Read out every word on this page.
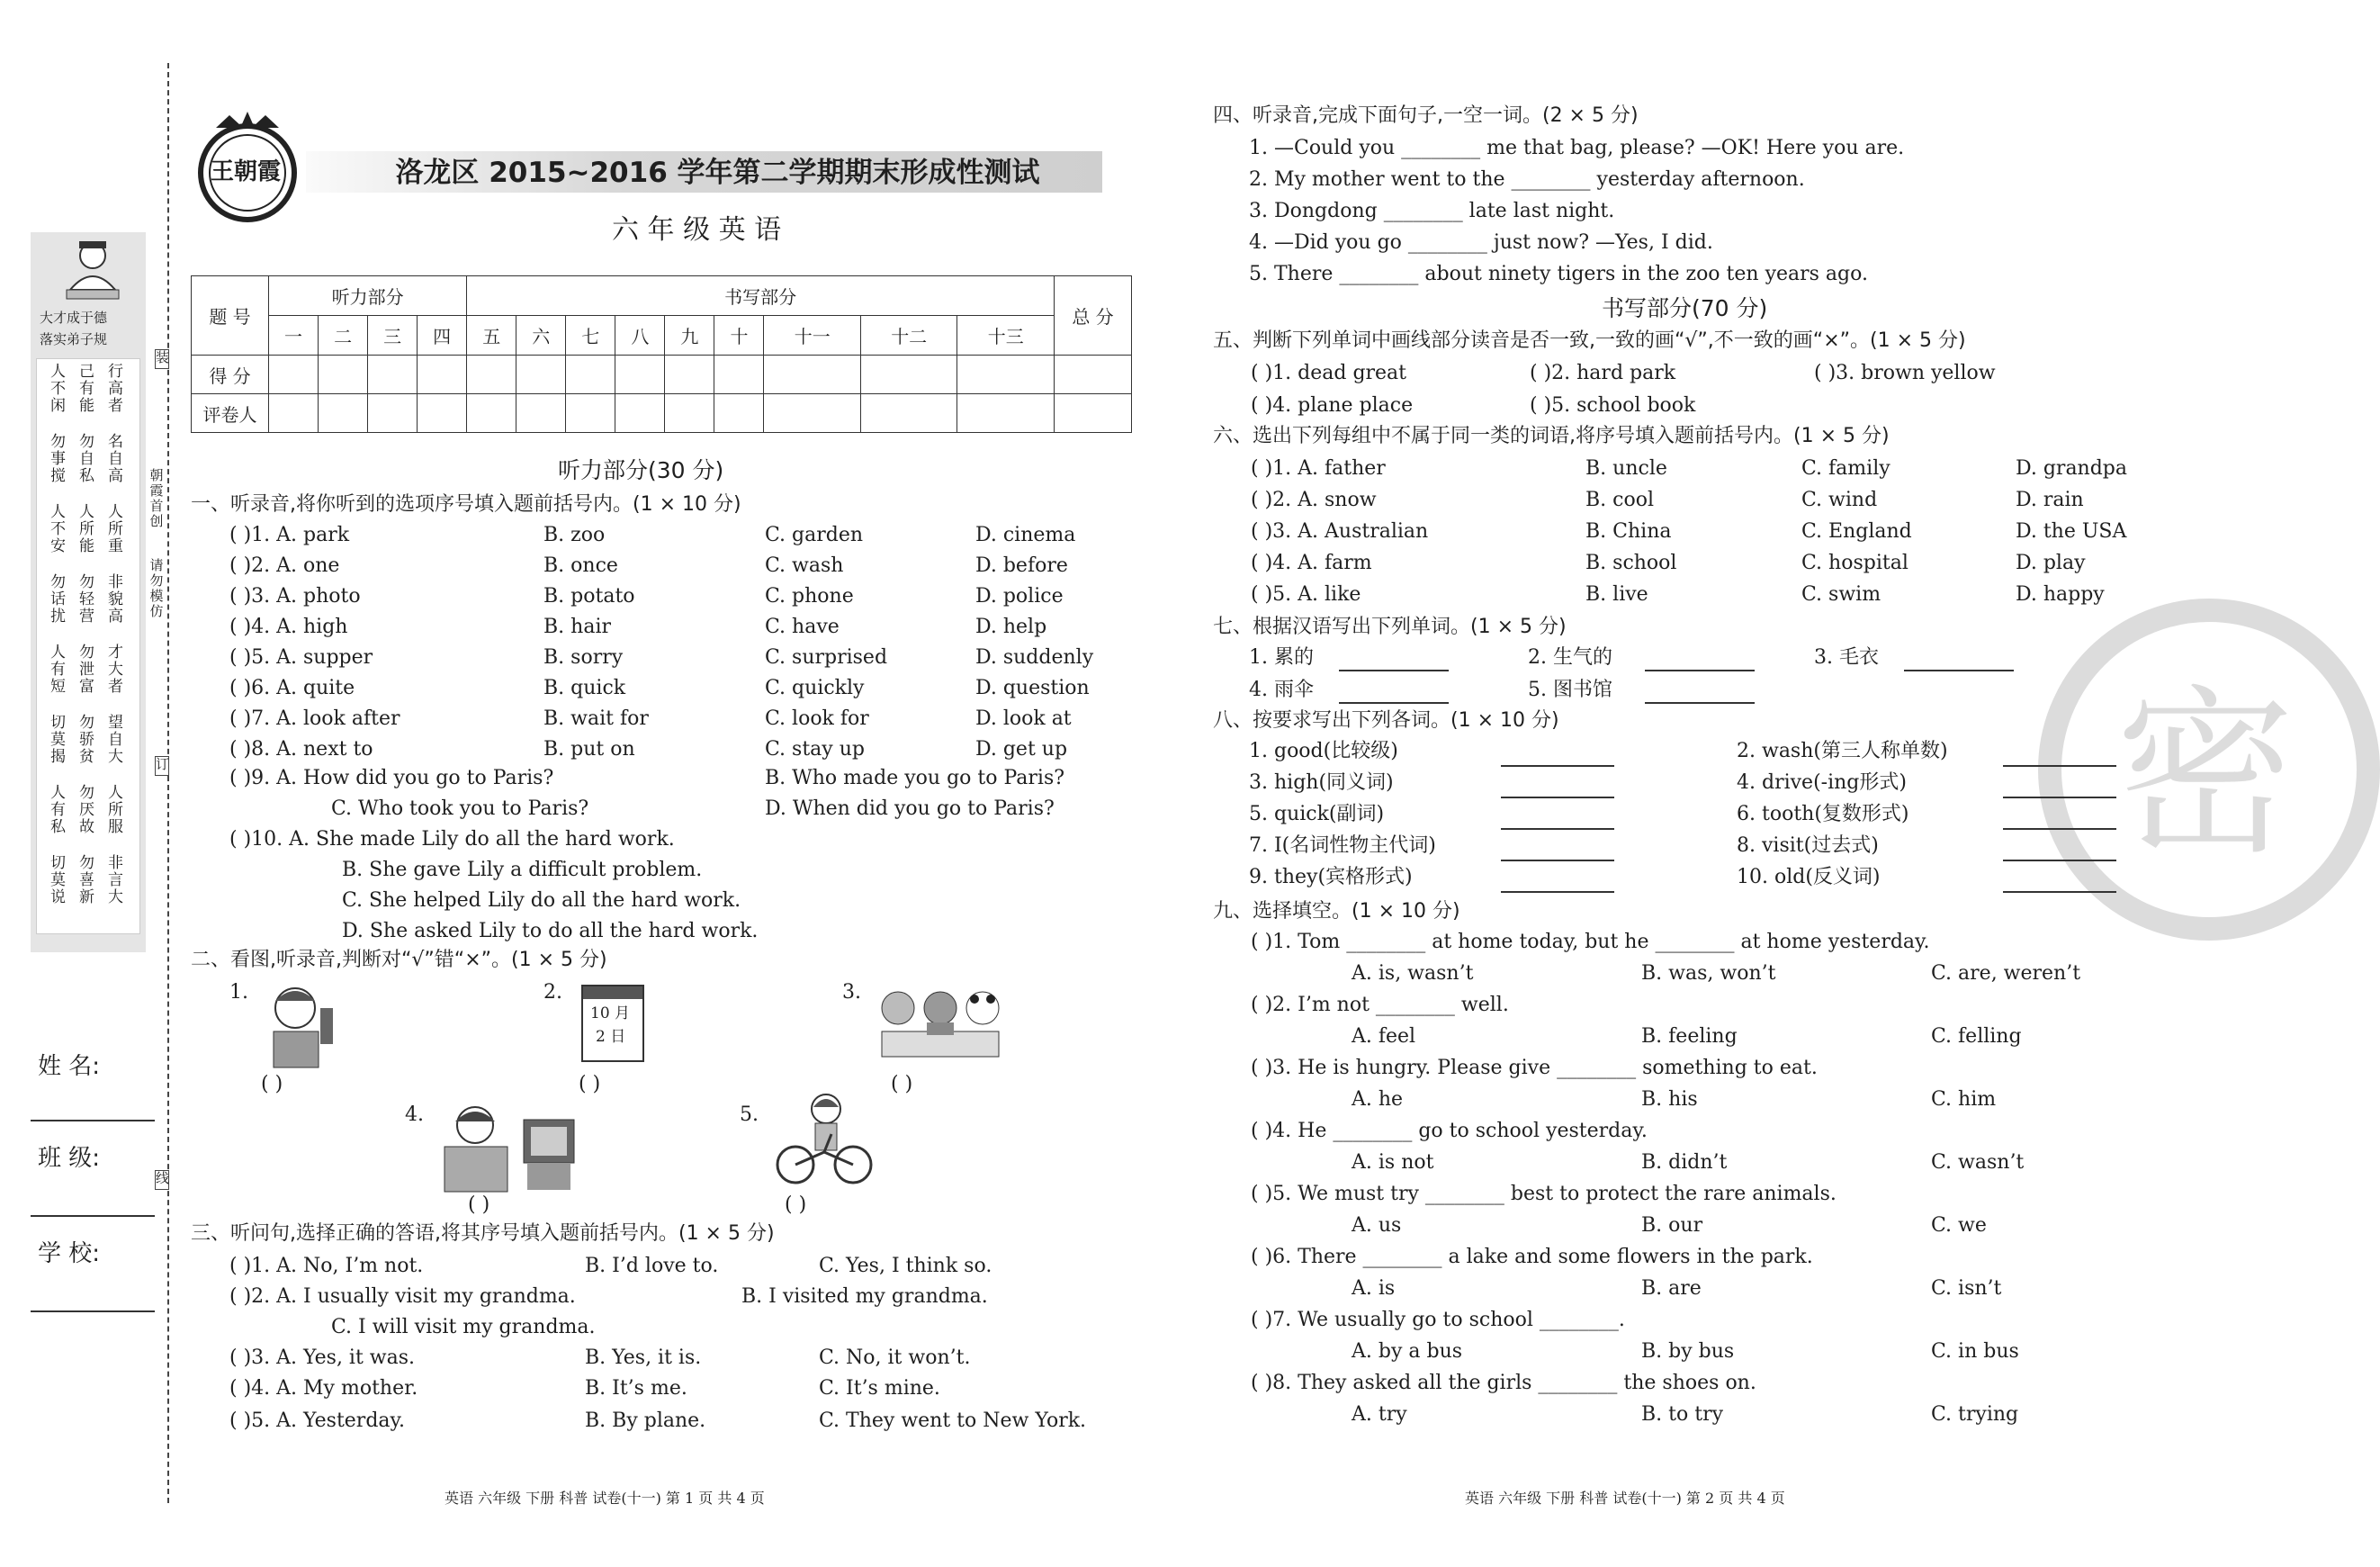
大才成于德
落实弟子规
姓 名:
班 级:
学 校:
装
订
线
朝霞首创
请勿模仿
王朝霞	洛龙区 2015~2016 学年第二学期期末形成性测试
六 年 级 英 语
题 号	听力部分				书写部分									总 分
	一	二	三	四	五	六	七	八	九	十	十一	十二	十三	
得 分														
评卷人														
听力部分(30 分)
一、听录音,将你听到的选项序号填入题前括号内。(1 × 10 分)
( )9. A. How did you go to Paris?	B. Who made you go to Paris?
C. Who took you to Paris?	D. When did you go to Paris?
( )10. A. She made Lily do all the hard work.
B. She gave Lily a difficult problem.
C. She helped Lily do all the hard work.
D. She asked Lily to do all the hard work.
二、看图,听录音,判断对“√”错“×”。(1 × 5 分)
1.
( )
2.
10 月
2 日
( )
3.
( )
4.
( )
5.
( )
三、听问句,选择正确的答语,将其序号填入题前括号内。(1 × 5 分)
( )1. A. No, I’m not.	B. I’d love to.	C. Yes, I think so.
( )2. A. I usually visit my grandma.	B. I visited my grandma.
C. I will visit my grandma.
( )3. A. Yes, it was.	B. Yes, it is.	C. No, it won’t.
( )4. A. My mother.	B. It’s me.	C. It’s mine.
( )5. A. Yesterday.	B. By plane.	C. They went to New York.
英语 六年级 下册 科普 试卷(十一) 第 1 页 共 4 页
密
四、听录音,完成下面句子,一空一词。(2 × 5 分)
书写部分(70 分)
五、判断下列单词中画线部分读音是否一致,一致的画“√”,不一致的画“×”。(1 × 5 分)
( )1. dead great	( )2. hard park	( )3. brown yellow
( )4. plane place	( )5. school book
六、选出下列每组中不属于同一类的词语,将序号填入题前括号内。(1 × 5 分)
七、根据汉语写出下列单词。(1 × 5 分)
1. 累的	2. 生气的	3. 毛衣
4. 雨伞	5. 图书馆
八、按要求写出下列各词。(1 × 10 分)
九、选择填空。(1 × 10 分)
英语 六年级 下册 科普 试卷(十一) 第 2 页 共 4 页
人不闲
己有能
行高者
勿事搅
勿自私
名自高
人不安
人所能
人所重
勿话扰
勿轻营
非貌高
人有短
勿泄富
才大者
切莫揭
勿骄贫
望自大
人有私
勿厌故
人所服
切莫说
勿喜新
非言大
( )1. A. park	B. zoo	C. garden	D. cinema
( )2. A. one	B. once	C. wash	D. before
( )3. A. photo	B. potato	C. phone	D. police
( )4. A. high	B. hair	C. have	D. help
( )5. A. supper	B. sorry	C. surprised	D. suddenly
( )6. A. quite	B. quick	C. quickly	D. question
( )7. A. look after	B. wait for	C. look for	D. look at
( )8. A. next to	B. put on	C. stay up	D. get up
1. —Could you ________ me that bag, please? —OK! Here you are.
2. My mother went to the ________ yesterday afternoon.
3. Dongdong ________ late last night.
4. —Did you go ________ just now? —Yes, I did.
5. There ________ about ninety tigers in the zoo ten years ago.
( )1. A. father	B. uncle	C. family	D. grandpa
( )2. A. snow	B. cool	C. wind	D. rain
( )3. A. Australian	B. China	C. England	D. the USA
( )4. A. farm	B. school	C. hospital	D. play
( )5. A. like	B. live	C. swim	D. happy
1. good(比较级)	2. wash(第三人称单数)
3. high(同义词)	4. drive(-ing形式)
5. quick(副词)	6. tooth(复数形式)
7. I(名词性物主代词)	8. visit(过去式)
9. they(宾格形式)	10. old(反义词)
( )1. Tom ________ at home today, but he ________ at home yesterday.
A. is, wasn’t	B. was, won’t	C. are, weren’t
( )2. I’m not ________ well.
A. feel	B. feeling	C. felling
( )3. He is hungry. Please give ________ something to eat.
A. he	B. his	C. him
( )4. He ________ go to school yesterday.
A. is not	B. didn’t	C. wasn’t
( )5. We must try ________ best to protect the rare animals.
A. us	B. our	C. we
( )6. There ________ a lake and some flowers in the park.
A. is	B. are	C. isn’t
( )7. We usually go to school ________.
A. by a bus	B. by bus	C. in bus
( )8. They asked all the girls ________ the shoes on.
A. try	B. to try	C. trying
